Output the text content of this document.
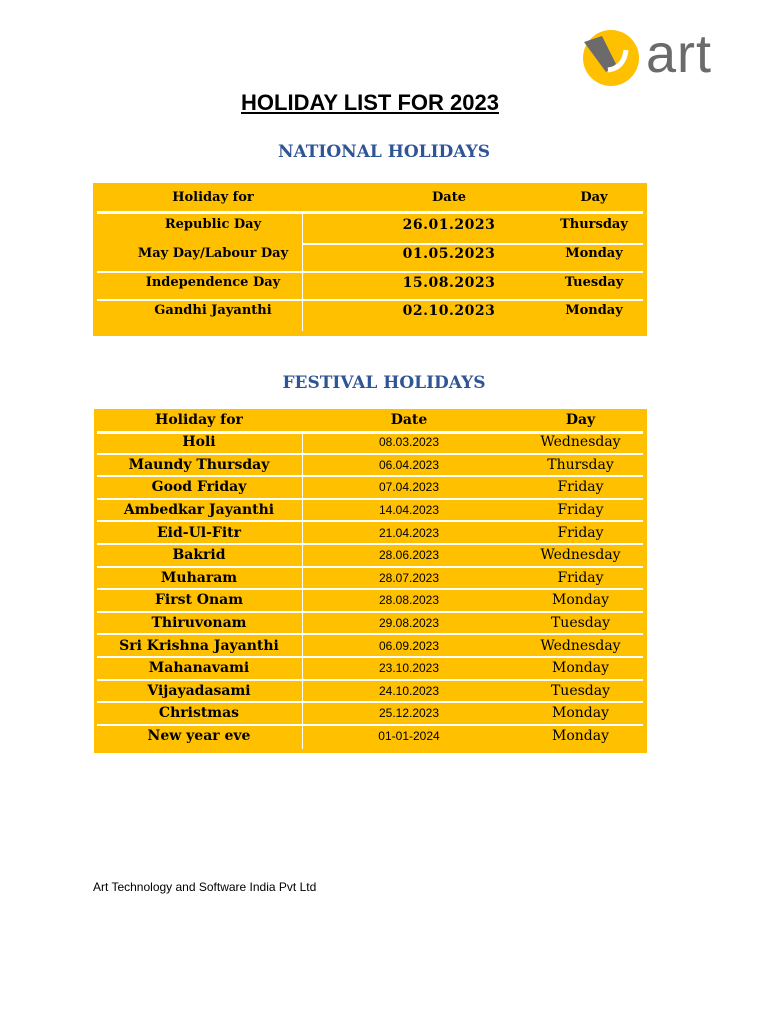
art
HOLIDAY LIST FOR 2023
NATIONAL HOLIDAYS
Holiday for	Date	Day
Republic Day	26.01.2023	Thursday
May Day/Labour Day	01.05.2023	Monday
Independence Day	15.08.2023	Tuesday
Gandhi Jayanthi	02.10.2023	Monday
FESTIVAL HOLIDAYS
Holiday for	Date	Day
Holi	08.03.2023	Wednesday
Maundy Thursday	06.04.2023	Thursday
Good Friday	07.04.2023	Friday
Ambedkar Jayanthi	14.04.2023	Friday
Eid-Ul-Fitr	21.04.2023	Friday
Bakrid	28.06.2023	Wednesday
Muharam	28.07.2023	Friday
First Onam	28.08.2023	Monday
Thiruvonam	29.08.2023	Tuesday
Sri Krishna Jayanthi	06.09.2023	Wednesday
Mahanavami	23.10.2023	Monday
Vijayadasami	24.10.2023	Tuesday
Christmas	25.12.2023	Monday
New year eve	01-01-2024	Monday
Art Technology and Software India Pvt Ltd
